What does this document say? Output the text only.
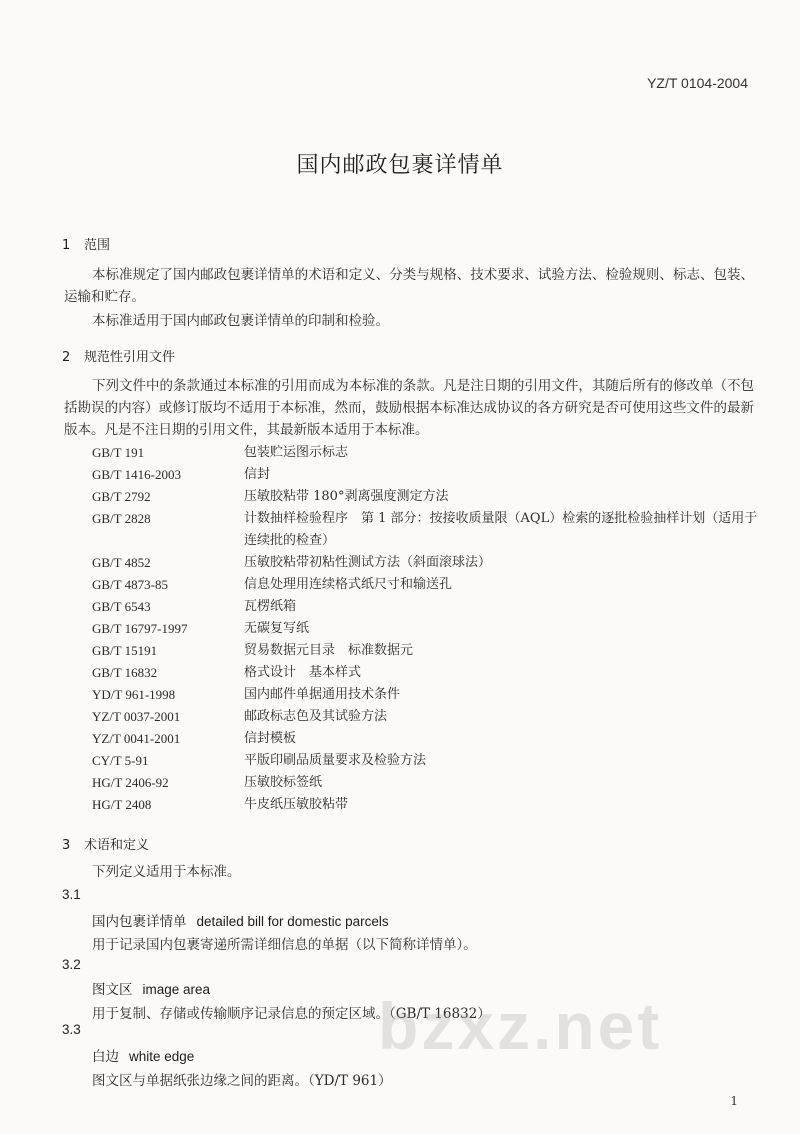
YZ/T 0104-2004
国内邮政包裹详情单
1 范围
本标准规定了国内邮政包裹详情单的术语和定义、分类与规格、技术要求、试验方法、检验规则、标志、包装、运输和贮存。
本标准适用于国内邮政包裹详情单的印制和检验。
2 规范性引用文件
下列文件中的条款通过本标准的引用而成为本标准的条款。凡是注日期的引用文件，其随后所有的修改单（不包括勘误的内容）或修订版均不适用于本标准，然而，鼓励根据本标准达成协议的各方研究是否可使用这些文件的最新版本。凡是不注日期的引用文件，其最新版本适用于本标准。
GB/T 191	包装贮运图示标志
GB/T 1416-2003	信封
GB/T 2792	压敏胶粘带 180°剥离强度测定方法
GB/T 2828	计数抽样检验程序　第 1 部分：按接收质量限（AQL）检索的逐批检验抽样计划（适用于连续批的检查）
GB/T 4852	压敏胶粘带初粘性测试方法（斜面滚球法）
GB/T 4873-85	信息处理用连续格式纸尺寸和输送孔
GB/T 6543	瓦楞纸箱
GB/T 16797-1997	无碳复写纸
GB/T 15191	贸易数据元目录　标准数据元
GB/T 16832	格式设计　基本样式
YD/T 961-1998	国内邮件单据通用技术条件
YZ/T 0037-2001	邮政标志色及其试验方法
YZ/T 0041-2001	信封模板
CY/T 5-91	平版印刷品质量要求及检验方法
HG/T 2406-92	压敏胶标签纸
HG/T 2408	牛皮纸压敏胶粘带
3 术语和定义
下列定义适用于本标准。
3.1
国内包裹详情单 detailed bill for domestic parcels
用于记录国内包裹寄递所需详细信息的单据（以下简称详情单）。
3.2
图文区 image area
用于复制、存储或传输顺序记录信息的预定区域。（GB/T 16832）
3.3
白边 white edge
图文区与单据纸张边缘之间的距离。（YD/T 961）
bzxz.net
1
